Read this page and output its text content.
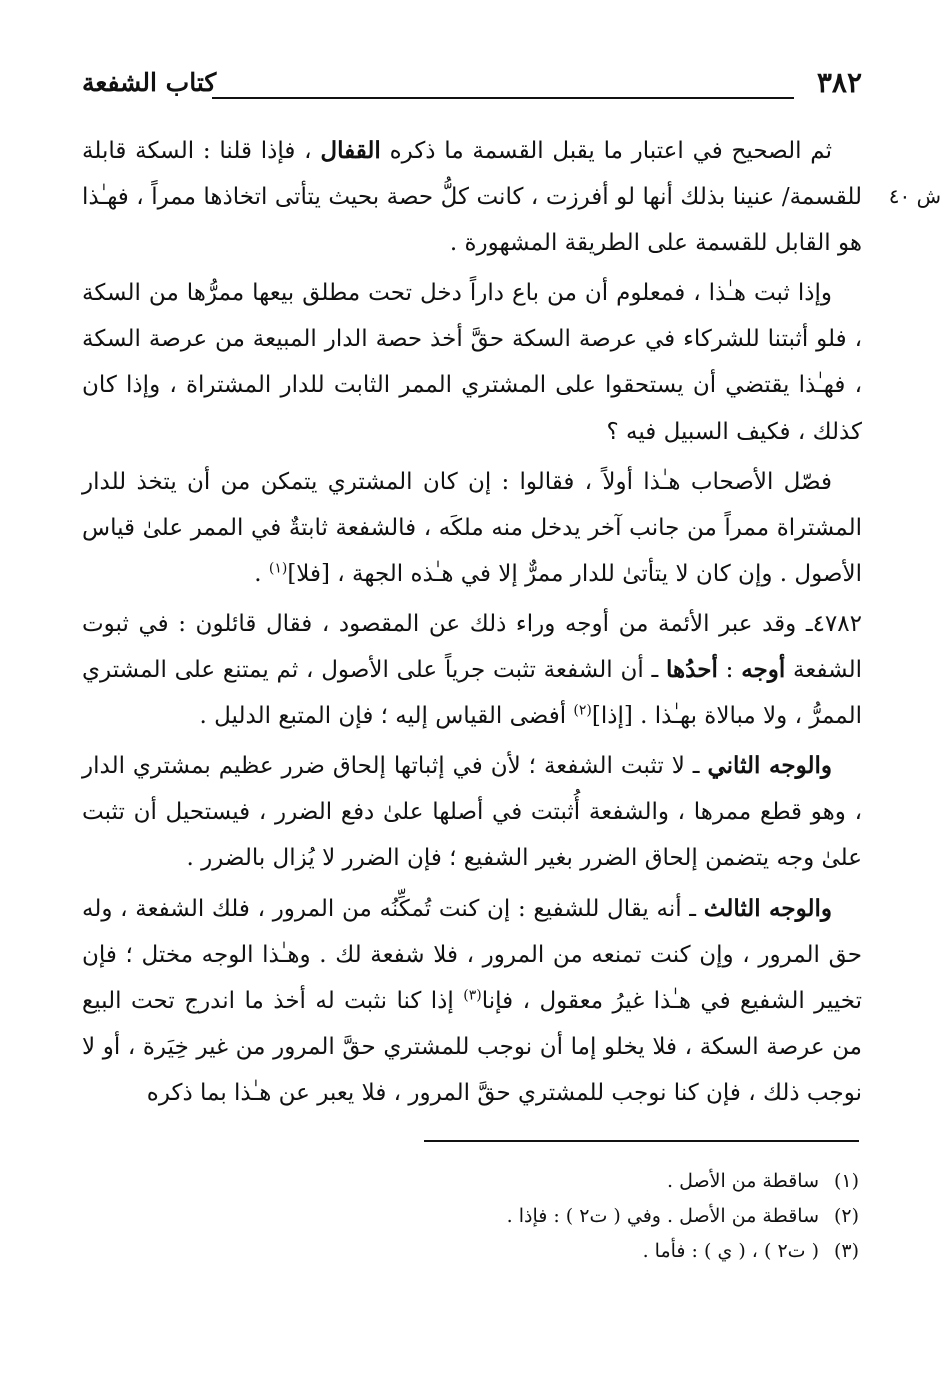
٣٨٢
كتاب الشفعة
ش ٤٠

ثم الصحيح في اعتبار ما يقبل القسمة ما ذكره القفال ، فإذا قلنا : السكة قابلة للقسمة/ عنينا بذلك أنها لو أفرزت ، كانت كلُّ حصة بحيث يتأتى اتخاذها ممراً ، فهـٰذا هو القابل للقسمة على الطريقة المشهورة .

وإذا ثبت هـٰذا ، فمعلوم أن من باع داراً دخل تحت مطلق بيعها ممرُّها من السكة ، فلو أثبتنا للشركاء في عرصة السكة حقَّ أخذ حصة الدار المبيعة من عرصة السكة ، فهـٰذا يقتضي أن يستحقوا على المشتري الممر الثابت للدار المشتراة ، وإذا كان كذلك ، فكيف السبيل فيه ؟

فصّل الأصحاب هـٰذا أولاً ، فقالوا : إن كان المشتري يتمكن من أن يتخذ للدار المشتراة ممراً من جانب آخر يدخل منه ملكَه ، فالشفعة ثابتةٌ في الممر علىٰ قياس الأصول . وإن كان لا يتأتىٰ للدار ممرٌّ إلا في هـٰذه الجهة ، [فلا]$^{(١)}$ .

٤٧٨٢ـ وقد عبر الأئمة من أوجه وراء ذلك عن المقصود ، فقال قائلون : في ثبوت الشفعة أوجه : أحدُها ـ أن الشفعة تثبت جرياً على الأصول ، ثم يمتنع على المشتري الممرُّ ، ولا مبالاة بهـٰذا . [إذا]$^{(٢)}$ أفضى القياس إليه ؛ فإن المتبع الدليل .

والوجه الثاني ـ لا تثبت الشفعة ؛ لأن في إثباتها إلحاق ضرر عظيم بمشتري الدار ، وهو قطع ممرها ، والشفعة أُثبتت في أصلها علىٰ دفع الضرر ، فيستحيل أن تثبت علىٰ وجه يتضمن إلحاق الضرر بغير الشفيع ؛ فإن الضرر لا يُزال بالضرر .

والوجه الثالث ـ أنه يقال للشفيع : إن كنت تُمكِّنُه من المرور ، فلك الشفعة ، وله حق المرور ، وإن كنت تمنعه من المرور ، فلا شفعة لك . وهـٰذا الوجه مختل ؛ فإن تخيير الشفيع في هـٰذا غيرُ معقول ، فإنا$^{(٣)}$ إذا كنا نثبت له أخذ ما اندرج تحت البيع من عرصة السكة ، فلا يخلو إما أن نوجب للمشتري حقَّ المرور من غير خِيَرة ، أو لا نوجب ذلك ، فإن كنا نوجب للمشتري حقَّ المرور ، فلا يعبر عن هـٰذا بما ذكره

(١)ساقطة من الأصل .
(٢)ساقطة من الأصل . وفي ( ت٢ ) : فإذا .
(٣)( ت٢ ) ، ( ي ) : فأما .
